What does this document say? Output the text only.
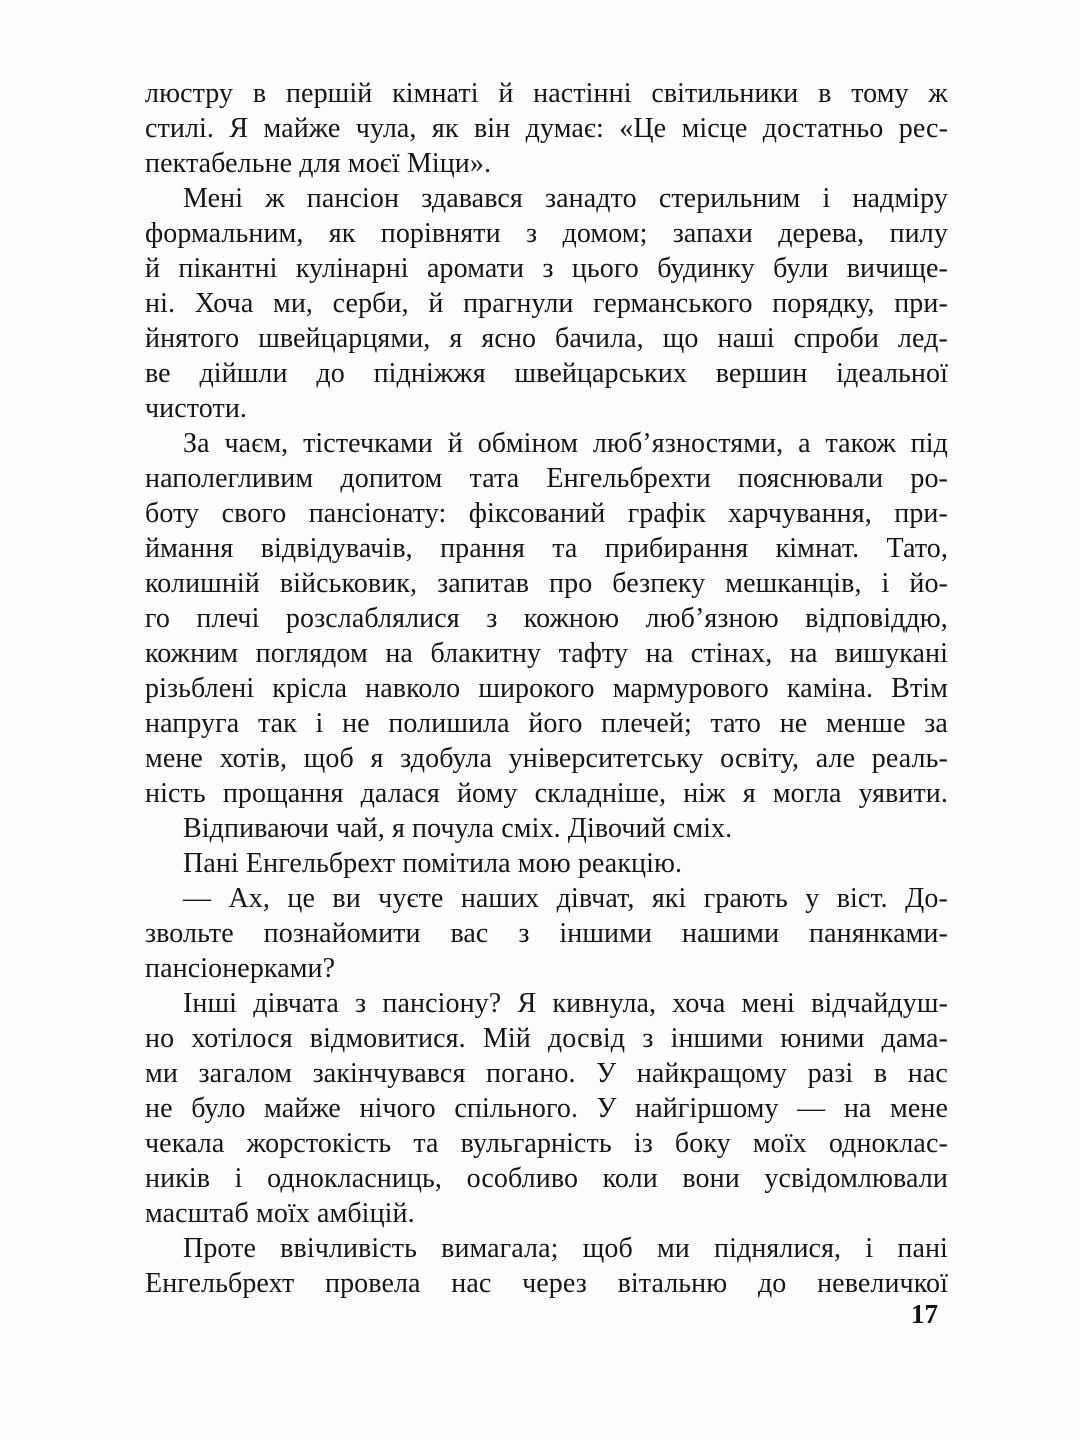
люстру в першій кімнаті й настінні світильники в тому ж
стилі. Я майже чула, як він думає: «Це місце достатньо рес-
пектабельне для моєї Міци».
Мені ж пансіон здавався занадто стерильним і надміру
формальним, як порівняти з домом; запахи дерева, пилу
й пікантні кулінарні аромати з цього будинку були вичище-
ні. Хоча ми, серби, й прагнули германського порядку, при-
йнятого швейцарцями, я ясно бачила, що наші спроби лед-
ве дійшли до підніжжя швейцарських вершин ідеальної
чистоти.
За чаєм, тістечками й обміном люб’язностями, а також під
наполегливим допитом тата Енгельбрехти пояснювали ро-
боту свого пансіонату: фіксований графік харчування, при-
ймання відвідувачів, прання та прибирання кімнат. Тато,
колишній військовик, запитав про безпеку мешканців, і йо-
го плечі розслаблялися з кожною люб’язною відповіддю,
кожним поглядом на блакитну тафту на стінах, на вишукані
різьблені крісла навколо широкого мармурового каміна. Втім
напруга так і не полишила його плечей; тато не менше за
мене хотів, щоб я здобула університетську освіту, але реаль-
ність прощання далася йому складніше, ніж я могла уявити.
Відпиваючи чай, я почула сміх. Дівочий сміх.
Пані Енгельбрехт помітила мою реакцію.
— Ах, це ви чуєте наших дівчат, які грають у віст. До-
звольте познайомити вас з іншими нашими панянками-
пансіонерками?
Інші дівчата з пансіону? Я кивнула, хоча мені відчайдуш-
но хотілося відмовитися. Мій досвід з іншими юними дама-
ми загалом закінчувався погано. У найкращому разі в нас
не було майже нічого спільного. У найгіршому — на мене
чекала жорстокість та вульгарність із боку моїх одноклас-
ників і однокласниць, особливо коли вони усвідомлювали
масштаб моїх амбіцій.
Проте ввічливість вимагала; щоб ми піднялися, і пані
Енгельбрехт провела нас через вітальню до невеличкої
17
